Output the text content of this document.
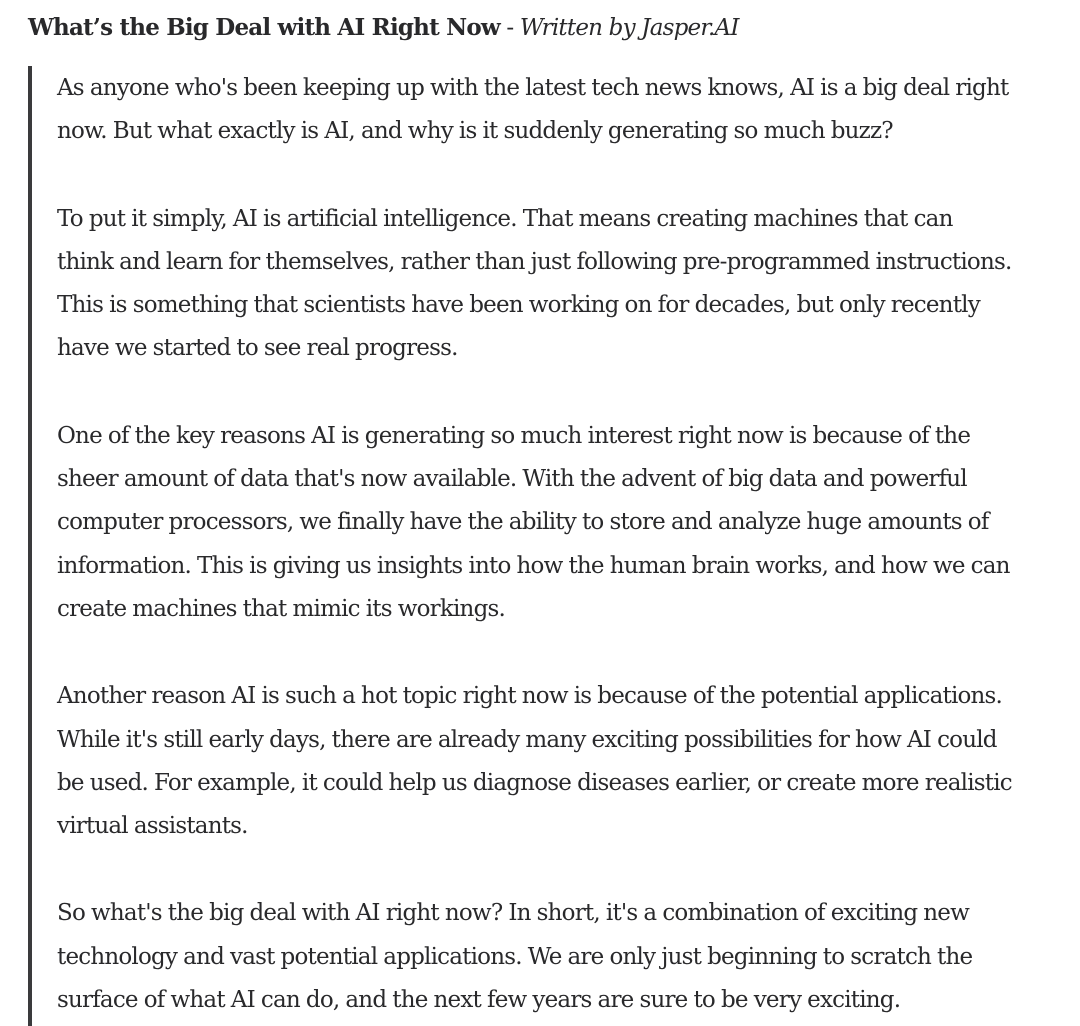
What’s the Big Deal with AI Right Now - Written by Jasper.AI

As anyone who's been keeping up with the latest tech news knows, AI is a big deal right
now. But what exactly is AI, and why is it suddenly generating so much buzz?

To put it simply, AI is artificial intelligence. That means creating machines that can
think and learn for themselves, rather than just following pre-programmed instructions.
This is something that scientists have been working on for decades, but only recently
have we started to see real progress.

One of the key reasons AI is generating so much interest right now is because of the
sheer amount of data that's now available. With the advent of big data and powerful
computer processors, we finally have the ability to store and analyze huge amounts of
information. This is giving us insights into how the human brain works, and how we can
create machines that mimic its workings.

Another reason AI is such a hot topic right now is because of the potential applications.
While it's still early days, there are already many exciting possibilities for how AI could
be used. For example, it could help us diagnose diseases earlier, or create more realistic
virtual assistants.

So what's the big deal with AI right now? In short, it's a combination of exciting new
technology and vast potential applications. We are only just beginning to scratch the
surface of what AI can do, and the next few years are sure to be very exciting.
